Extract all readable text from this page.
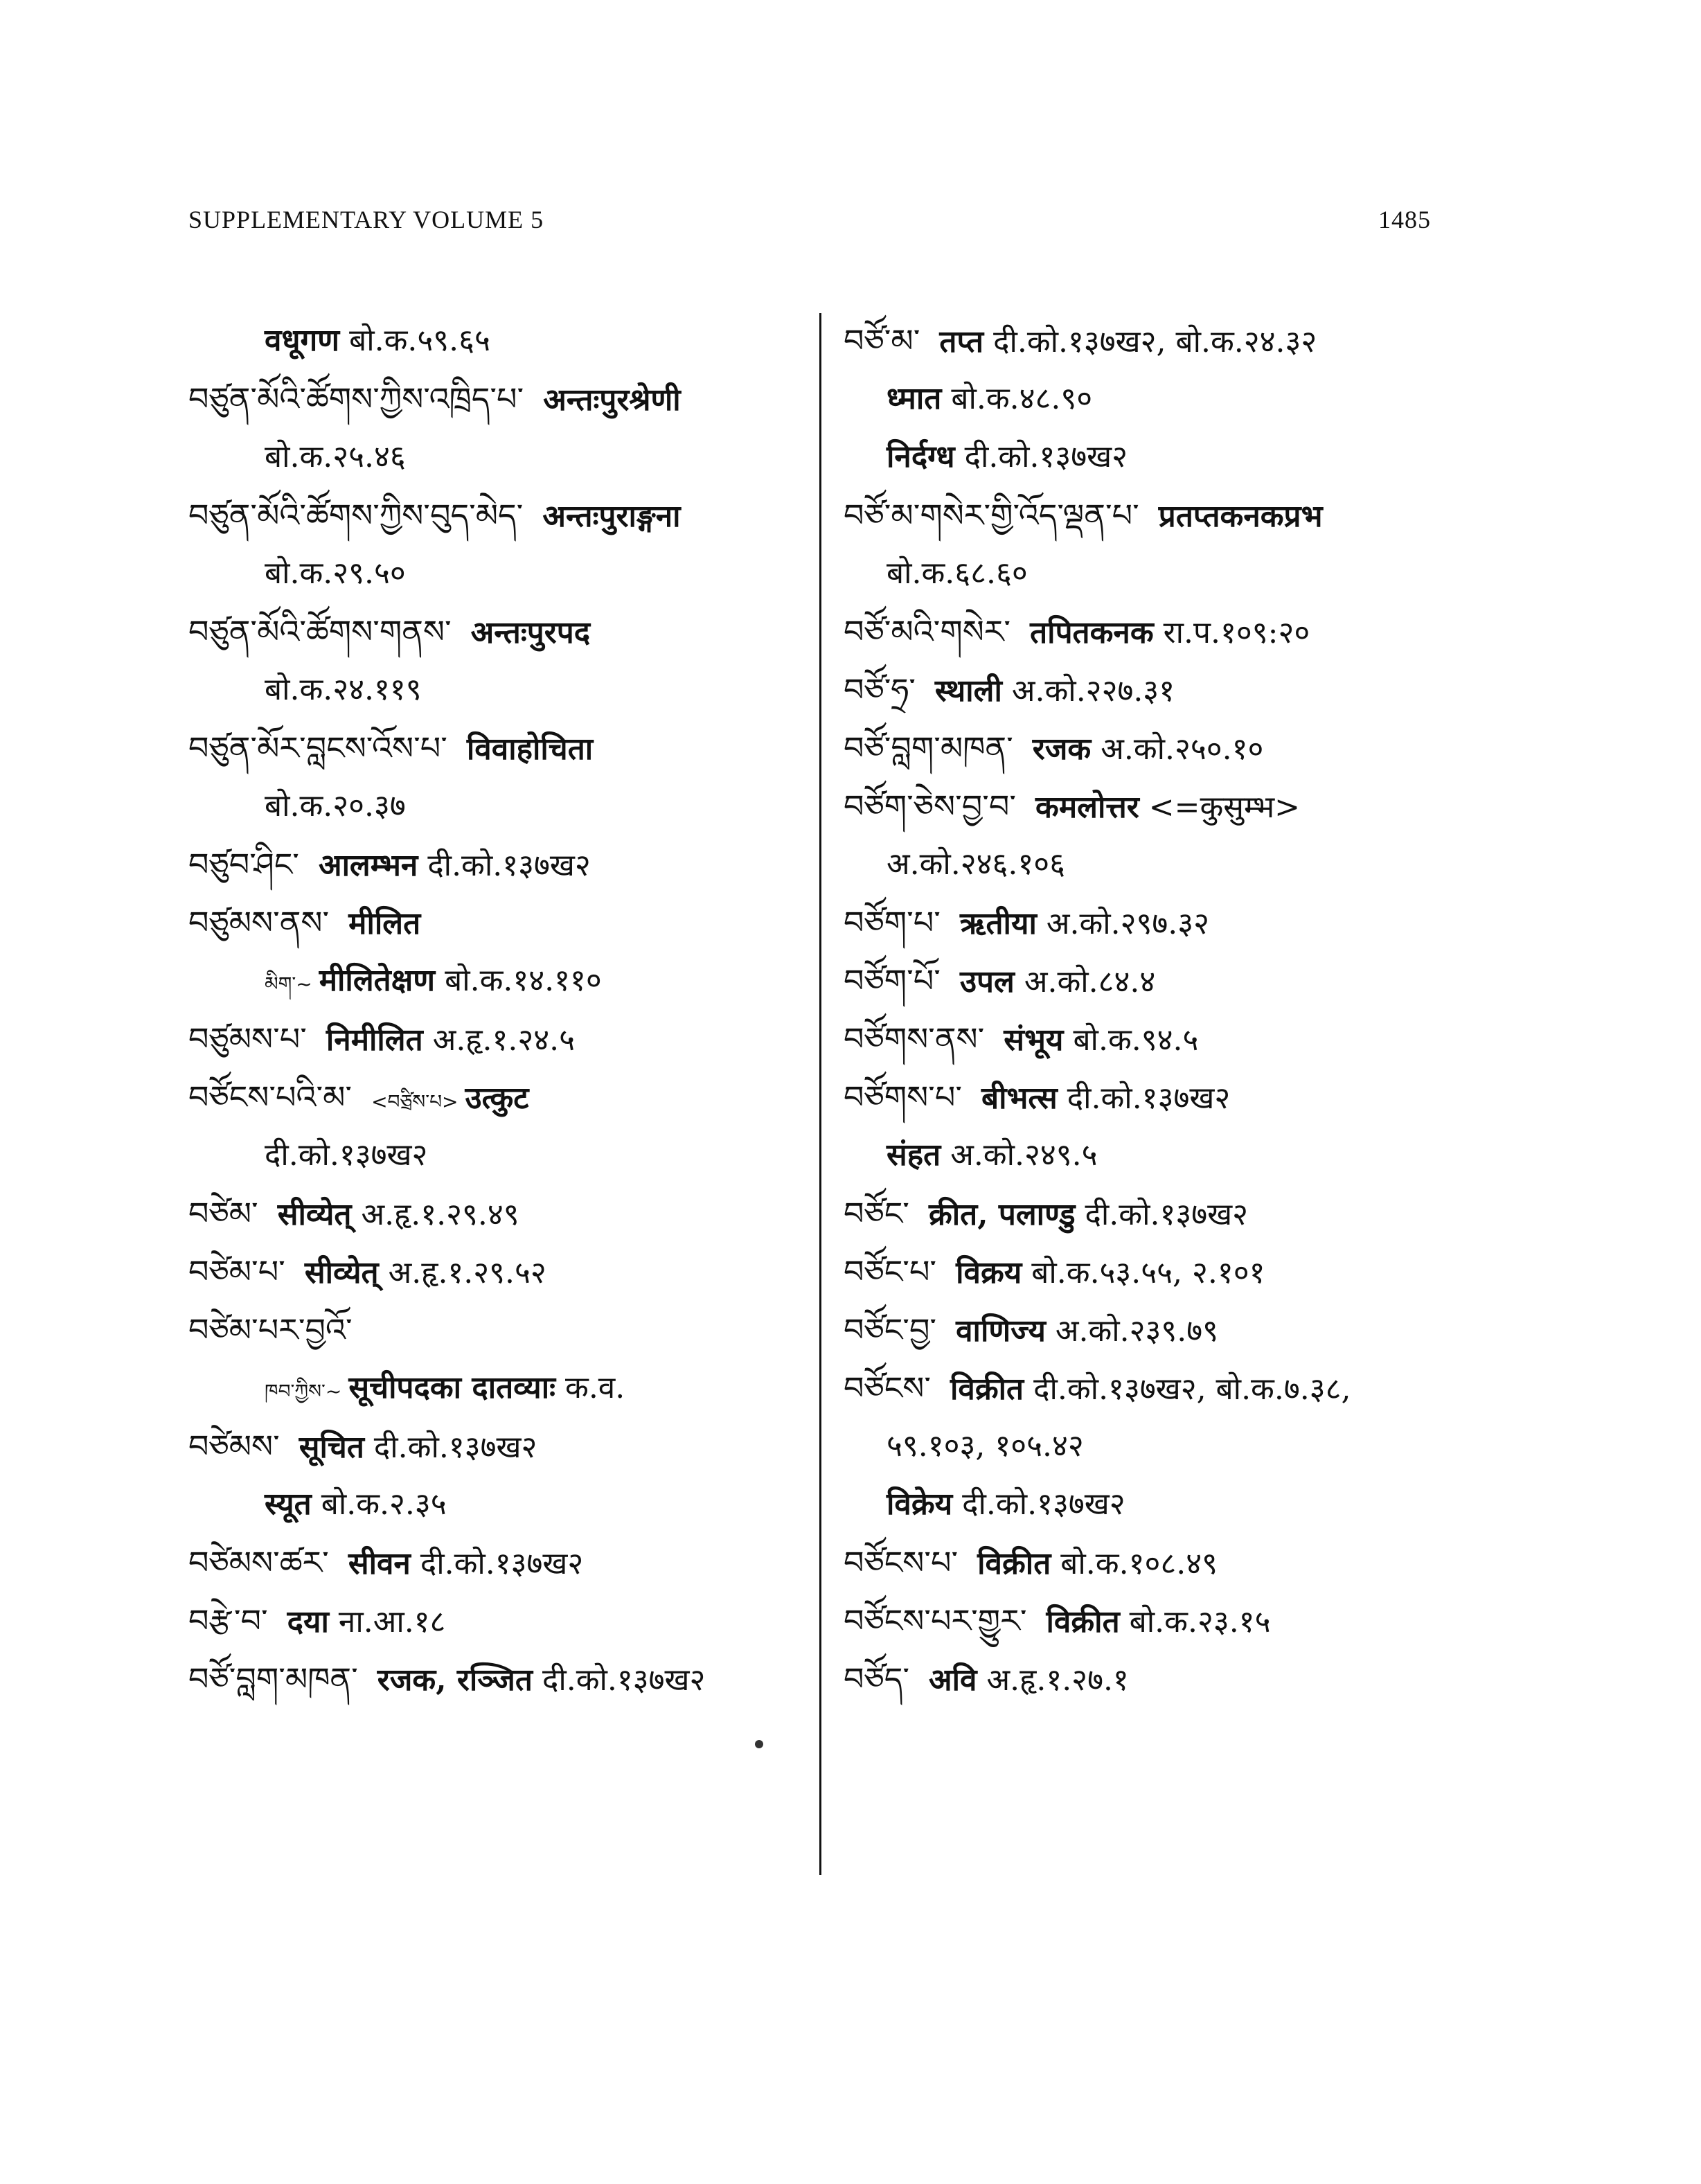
SUPPLEMENTARY VOLUME 5	1485
वधूगण बो.क.५९.६५
བཙུན་མོའི་ཚོགས་ཀྱིས་འཁྲིད་པ་ अन्तःपुरश्रेणी
बो.क.२५.४६
བཙུན་མོའི་ཚོགས་ཀྱིས་བུད་མེད་ अन्तःपुराङ्गना
बो.क.२९.५०
བཙུན་མོའི་ཚོགས་གནས་ अन्तःपुरपद
बो.क.२४.११९
བཙུན་མོར་བླངས་འོས་པ་ विवाहोचिता
बो.क.२०.३७
བཙུབ་ཤིང་ आलम्भन दी.को.१३७ख२
བཙུམས་ནས་ मीलित
མིག་~ मीलितेक्षण बो.क.१४.११०
བཙུམས་པ་ निमीलित अ.हृ.१.२४.५
བཙོངས་པའི་མ་ <བཙྲིས་པ> उत्कुट
दी.को.१३७ख२
བཙེམ་ सीव्येत् अ.हृ.१.२९.४९
བཙེམ་པ་ सीव्येत् अ.हृ.१.२९.५२
བཙེམ་པར་བྱའོ་
ཁབ་ཀྱིས་~ सूचीपदका दातव्याः क.व.
བཙེམས་ सूचित दी.को.१३७ख२
स्यूत बो.क.२.३५
བཙེམས་ཚར་ सीवन दी.को.१३७ख२
བརྩེ་བ་ दया ना.आ.१८
བཙོ་བླག་མཁན་ रजक, रञ्जित दी.को.१३७ख२
བཙོ་མ་ तप्त दी.को.१३७ख२, बो.क.२४.३२
ध्मात बो.क.४८.९०
निर्दग्ध दी.को.१३७ख२
བཙོ་མ་གསེར་གྱི་འོད་ལྡན་པ་ प्रतप्तकनकप्रभ
बो.क.६८.६०
བཙོ་མའི་གསེར་ तपितकनक रा.प.१०९:२०
བཙོ་ཧྲ་ स्थाली अ.को.२२७.३१
བཙོ་བླག་མཁན་ रजक अ.को.२५०.१०
བཙོག་ཅེས་བྱ་བ་ कमलोत्तर <=कुसुम्भ>
अ.को.२४६.१०६
བཙོག་པ་ ऋतीया अ.को.२९७.३२
བཙོག་པོ་ उपल अ.को.८४.४
བཙོགས་ནས་ संभूय बो.क.९४.५
བཙོགས་པ་ बीभत्स दी.को.१३७ख२
संहत अ.को.२४९.५
བཙོང་ क्रीत, पलाण्डु दी.को.१३७ख२
བཙོང་པ་ विक्रय बो.क.५३.५५, २.१०१
བཙོང་བྱ་ वाणिज्य अ.को.२३९.७९
བཙོངས་ विक्रीत दी.को.१३७ख२, बो.क.७.३८,
५९.१०३, १०५.४२
विक्रेय दी.को.१३७ख२
བཙོངས་པ་ विक्रीत बो.क.१०८.४९
བཙོངས་པར་གྱུར་ विक्रीत बो.क.२३.१५
བཙོད་ अवि अ.हृ.१.२७.१
